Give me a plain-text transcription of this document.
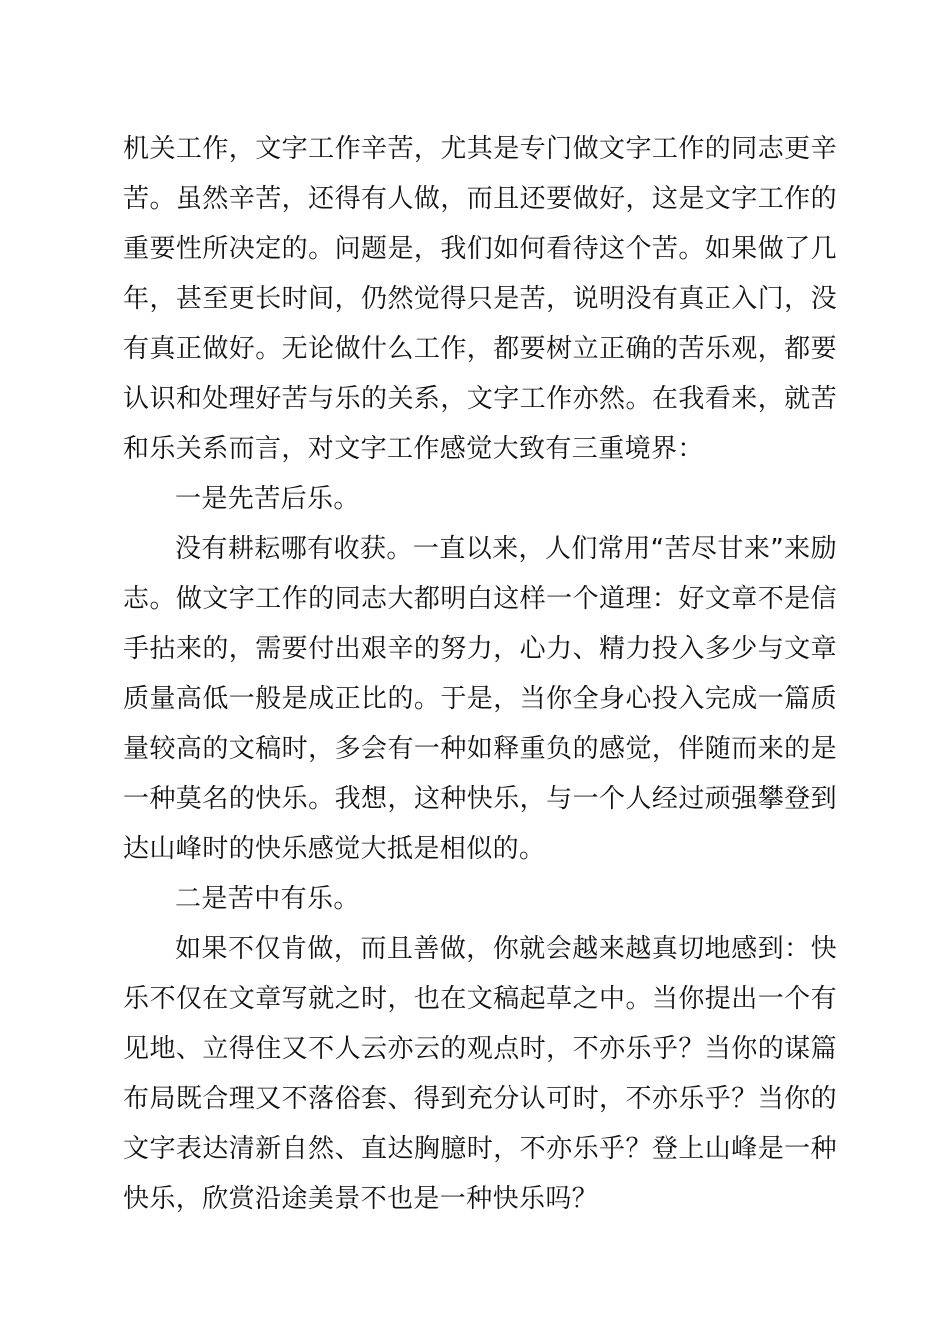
机关工作，文字工作辛苦，尤其是专门做文字工作的同志更辛苦。虽然辛苦，还得有人做，而且还要做好，这是文字工作的重要性所决定的。问题是，我们如何看待这个苦。如果做了几年，甚至更长时间，仍然觉得只是苦，说明没有真正入门，没有真正做好。无论做什么工作，都要树立正确的苦乐观，都要认识和处理好苦与乐的关系，文字工作亦然。在我看来，就苦和乐关系而言，对文字工作感觉大致有三重境界：

一是先苦后乐。

没有耕耘哪有收获。一直以来，人们常用“苦尽甘来”来励志。做文字工作的同志大都明白这样一个道理：好文章不是信手拈来的，需要付出艰辛的努力，心力、精力投入多少与文章质量高低一般是成正比的。于是，当你全身心投入完成一篇质量较高的文稿时，多会有一种如释重负的感觉，伴随而来的是一种莫名的快乐。我想，这种快乐，与一个人经过顽强攀登到达山峰时的快乐感觉大抵是相似的。

二是苦中有乐。

如果不仅肯做，而且善做，你就会越来越真切地感到：快乐不仅在文章写就之时，也在文稿起草之中。当你提出一个有见地、立得住又不人云亦云的观点时，不亦乐乎？当你的谋篇布局既合理又不落俗套、得到充分认可时，不亦乐乎？当你的文字表达清新自然、直达胸臆时，不亦乐乎？登上山峰是一种快乐，欣赏沿途美景不也是一种快乐吗？
